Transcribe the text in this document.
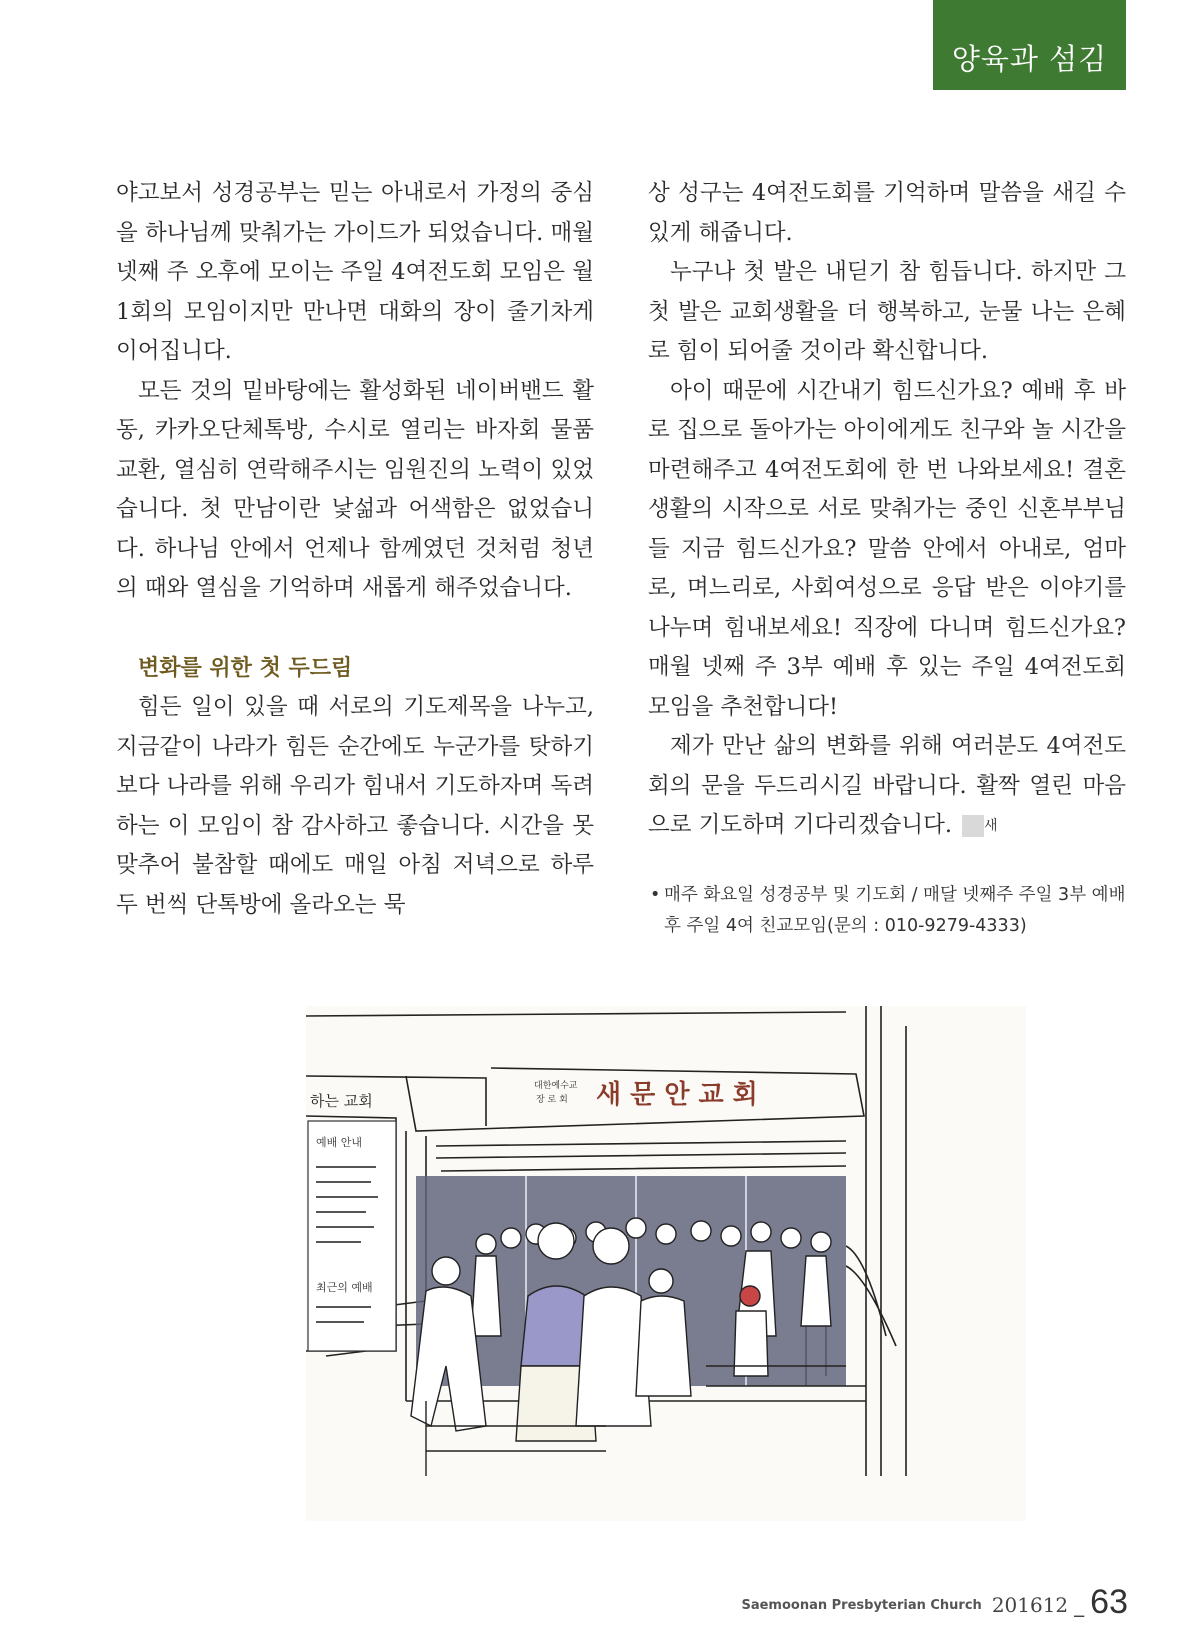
양육과 섬김

야고보서 성경공부는 믿는 아내로서 가정의 중심을 하나님께 맞춰가는 가이드가 되었습니다. 매월 넷째 주 오후에 모이는 주일 4여전도회 모임은 월 1회의 모임이지만 만나면 대화의 장이 줄기차게 이어집니다.

모든 것의 밑바탕에는 활성화된 네이버밴드 활동, 카카오단체톡방, 수시로 열리는 바자회 물품교환, 열심히 연락해주시는 임원진의 노력이 있었습니다. 첫 만남이란 낯섦과 어색함은 없었습니다. 하나님 안에서 언제나 함께였던 것처럼 청년의 때와 열심을 기억하며 새롭게 해주었습니다.

변화를 위한 첫 두드림

힘든 일이 있을 때 서로의 기도제목을 나누고, 지금같이 나라가 힘든 순간에도 누군가를 탓하기보다 나라를 위해 우리가 힘내서 기도하자며 독려하는 이 모임이 참 감사하고 좋습니다. 시간을 못 맞추어 불참할 때에도 매일 아침 저녁으로 하루 두 번씩 단톡방에 올라오는 묵

상 성구는 4여전도회를 기억하며 말씀을 새길 수 있게 해줍니다.

누구나 첫 발은 내딛기 참 힘듭니다. 하지만 그 첫 발은 교회생활을 더 행복하고, 눈물 나는 은혜로 힘이 되어줄 것이라 확신합니다.

아이 때문에 시간내기 힘드신가요? 예배 후 바로 집으로 돌아가는 아이에게도 친구와 놀 시간을 마련해주고 4여전도회에 한 번 나와보세요! 결혼생활의 시작으로 서로 맞춰가는 중인 신혼부부님들 지금 힘드신가요? 말씀 안에서 아내로, 엄마로, 며느리로, 사회여성으로 응답 받은 이야기를 나누며 힘내보세요! 직장에 다니며 힘드신가요? 매월 넷째 주 3부 예배 후 있는 주일 4여전도회 모임을 추천합니다!

제가 만난 삶의 변화를 위해 여러분도 4여전도회의 문을 두드리시길 바랍니다. 활짝 열린 마음으로 기도하며 기다리겠습니다. 새

• 매주 화요일 성경공부 및 기도회 / 매달 넷째주 주일 3부 예배 후 주일 4여 친교모임(문의 : 010-9279-4333)

예배 안내
최근의 예배
하는 교회
대한예수교
장 로 회 새 문 안 교 회
Saemoonan Presbyterian Church 201612 _ 63
